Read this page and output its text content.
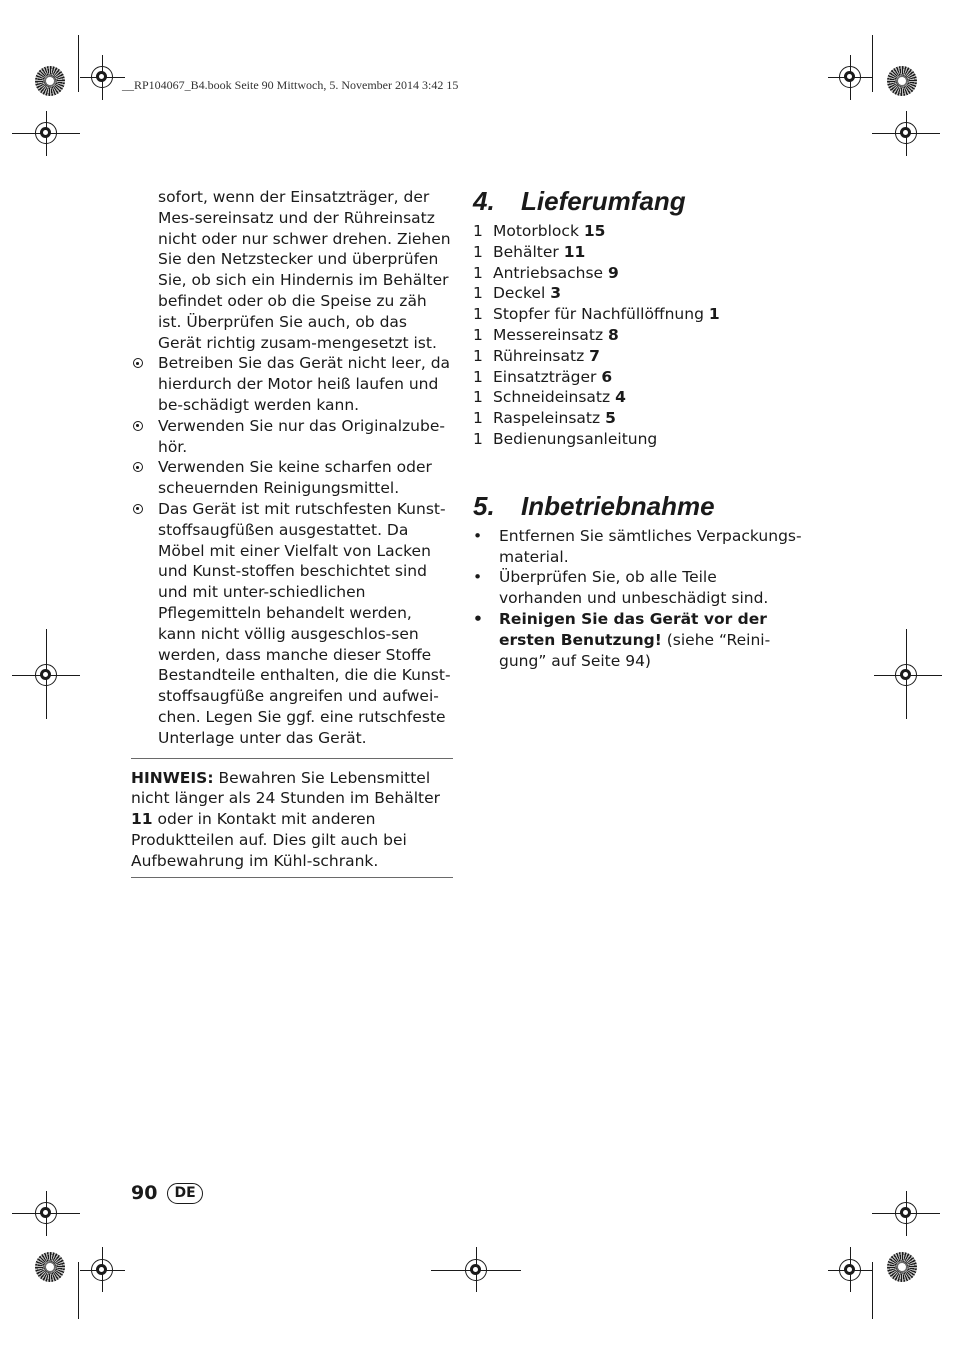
__RP104067_B4.book Seite 90 Mittwoch, 5. November 2014 3:42 15

sofort, wenn der Einsatzträger, der Mes-sereinsatz und der Rühreinsatz nicht oder nur schwer drehen. Ziehen Sie den Netzstecker und überprüfen Sie, ob sich ein Hindernis im Behälter befindet oder ob die Speise zu zäh ist. Überprüfen Sie auch, ob das Gerät richtig zusam-mengesetzt ist.

Betreiben Sie das Gerät nicht leer, da hierdurch der Motor heiß laufen und be-schädigt werden kann.
Verwenden Sie nur das Originalzube-hör.
Verwenden Sie keine scharfen oder scheuernden Reinigungsmittel.
Das Gerät ist mit rutschfesten Kunst-stoffsaugfüßen ausgestattet. Da Möbel mit einer Vielfalt von Lacken und Kunst-stoffen beschichtet sind und mit unter-schiedlichen Pflegemitteln behandelt werden, kann nicht völlig ausgeschlos-sen werden, dass manche dieser Stoffe Bestandteile enthalten, die die Kunst-stoffsaugfüße angreifen und aufwei-chen. Legen Sie ggf. eine rutschfeste Unterlage unter das Gerät.

HINWEIS: Bewahren Sie Lebensmittel nicht länger als 24 Stunden im Behälter 11 oder in Kontakt mit anderen Produktteilen auf. Dies gilt auch bei Aufbewahrung im Kühl-schrank.

4. Lieferumfang
1 Motorblock 15
1 Behälter 11
1 Antriebsachse 9
1 Deckel 3
1 Stopfer für Nachfüllöffnung 1
1 Messereinsatz 8
1 Rühreinsatz 7
1 Einsatzträger 6
1 Schneideinsatz 4
1 Raspeleinsatz 5
1 Bedienungsanleitung
5. Inbetriebnahme
• Entfernen Sie sämtliches Verpackungs-material.
• Überprüfen Sie, ob alle Teile vorhanden und unbeschädigt sind.
• Reinigen Sie das Gerät vor der ersten Benutzung! (siehe “Reini-gung” auf Seite 94)
90	DE
